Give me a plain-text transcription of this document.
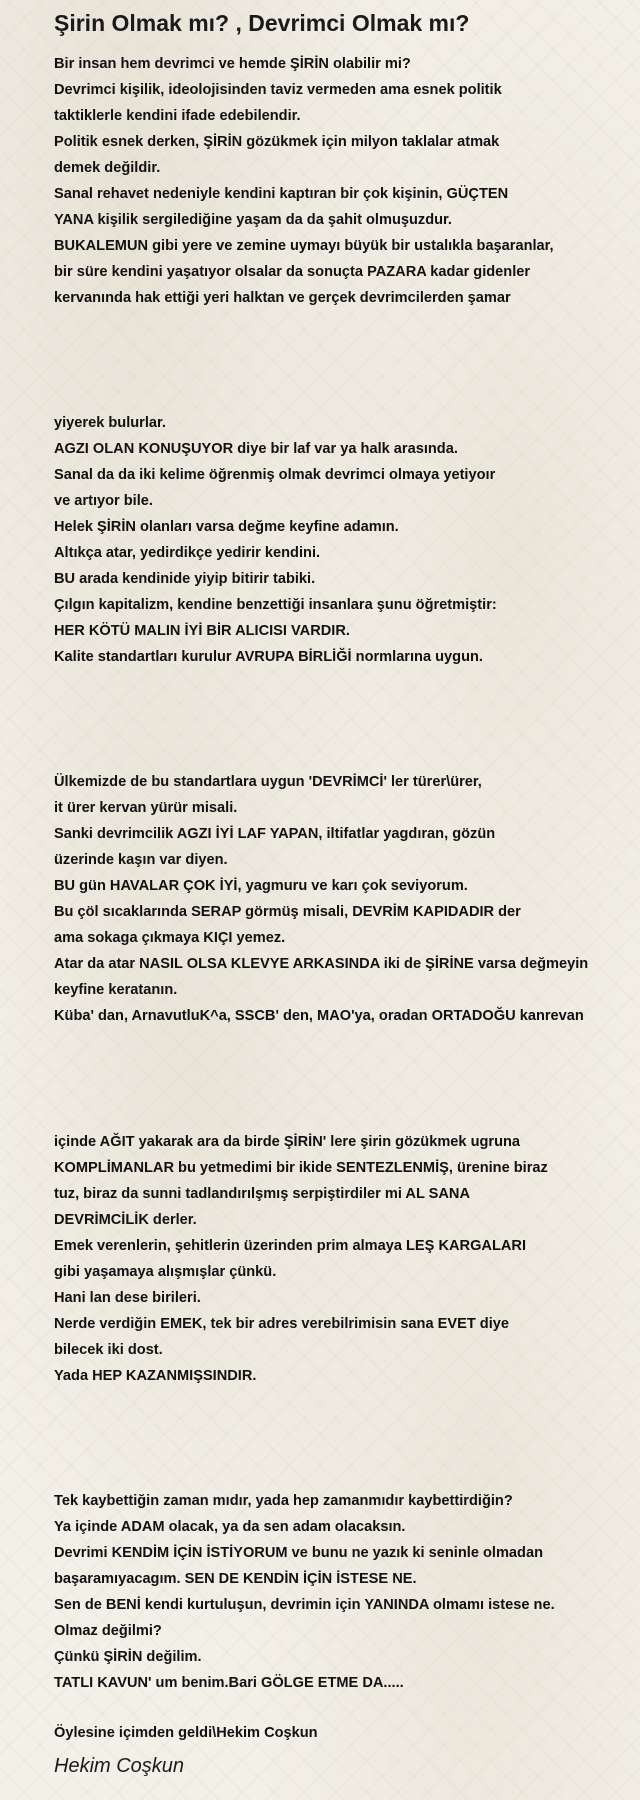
Şirin Olmak mı? , Devrimci Olmak mı?
Bir insan hem devrimci ve hemde ŞİRİN olabilir mi?
Devrimci kişilik, ideolojisinden taviz vermeden ama esnek politik
taktiklerle kendini ifade edebilendir.
Politik esnek derken, ŞİRİN gözükmek için milyon taklalar atmak
demek değildir.
Sanal rehavet nedeniyle kendini kaptıran bir çok kişinin, GÜÇTEN
YANA kişilik sergilediğine yaşam da da şahit olmuşuzdur.
BUKALEMUN gibi yere ve zemine uymayı büyük bir ustalıkla başaranlar,
bir süre kendini yaşatıyor olsalar da sonuçta PAZARA kadar gidenler
kervanında hak ettiği yeri halktan ve gerçek devrimcilerden şamar
yiyerek bulurlar.
AGZI OLAN KONUŞUYOR diye bir laf var ya halk arasında.
Sanal da da iki kelime öğrenmiş olmak devrimci olmaya yetiyoır
ve artıyor bile.
Helek ŞİRİN olanları varsa değme keyfine adamın.
Altıkça atar, yedirdikçe yedirir kendini.
BU arada kendinide yiyip bitirir tabiki.
Çılgın kapitalizm, kendine benzettiği insanlara şunu öğretmiştir:
HER KÖTÜ MALIN İYİ BİR ALICISI VARDIR.
Kalite standartları kurulur AVRUPA BİRLİĞİ normlarına uygun.
Ülkemizde de bu standartlara uygun 'DEVRİMCİ' ler türer\ürer,
it ürer kervan yürür misali.
Sanki devrimcilik AGZI İYİ LAF YAPAN, iltifatlar yagdıran, gözün
üzerinde kaşın var diyen.
BU gün HAVALAR ÇOK İYİ, yagmuru ve karı çok seviyorum.
Bu çöl sıcaklarında SERAP görmüş misali, DEVRİM KAPIDADIR der
ama sokaga çıkmaya KIÇI yemez.
Atar da atar NASIL OLSA KLEVYE ARKASINDA iki de ŞİRİNE varsa değmeyin
keyfine keratanın.
Küba' dan, ArnavutluK^a, SSCB' den, MAO'ya, oradan ORTADOĞU kanrevan
içinde AĞIT yakarak ara da birde ŞİRİN' lere şirin gözükmek ugruna
KOMPLİMANLAR bu yetmedimi bir ikide SENTEZLENMİŞ, ürenine biraz
tuz, biraz da sunni tadlandırılşmış serpiştirdiler mi AL SANA
DEVRİMCİLİK derler.
Emek verenlerin, şehitlerin üzerinden prim almaya LEŞ KARGALARI
gibi yaşamaya alışmışlar çünkü.
Hani lan dese birileri.
Nerde verdiğin EMEK, tek bir adres verebilrimisin sana EVET diye
bilecek iki dost.
Yada HEP KAZANMIŞSINDIR.
Tek kaybettiğin zaman mıdır, yada hep zamanmıdır kaybettirdiğin?
Ya içinde ADAM olacak, ya da sen adam olacaksın.
Devrimi KENDİM İÇİN İSTİYORUM ve bunu ne yazık ki seninle olmadan
başaramıyacagım. SEN DE KENDİN İÇİN İSTESE NE.
Sen de BENİ kendi kurtuluşun, devrimin için YANINDA olmamı istese ne.
Olmaz değilmi?
Çünkü ŞİRİN değilim.
TATLI KAVUN' um benim.Bari GÖLGE ETME DA.....
Öylesine içimden geldi\Hekim Coşkun
Hekim Coşkun
